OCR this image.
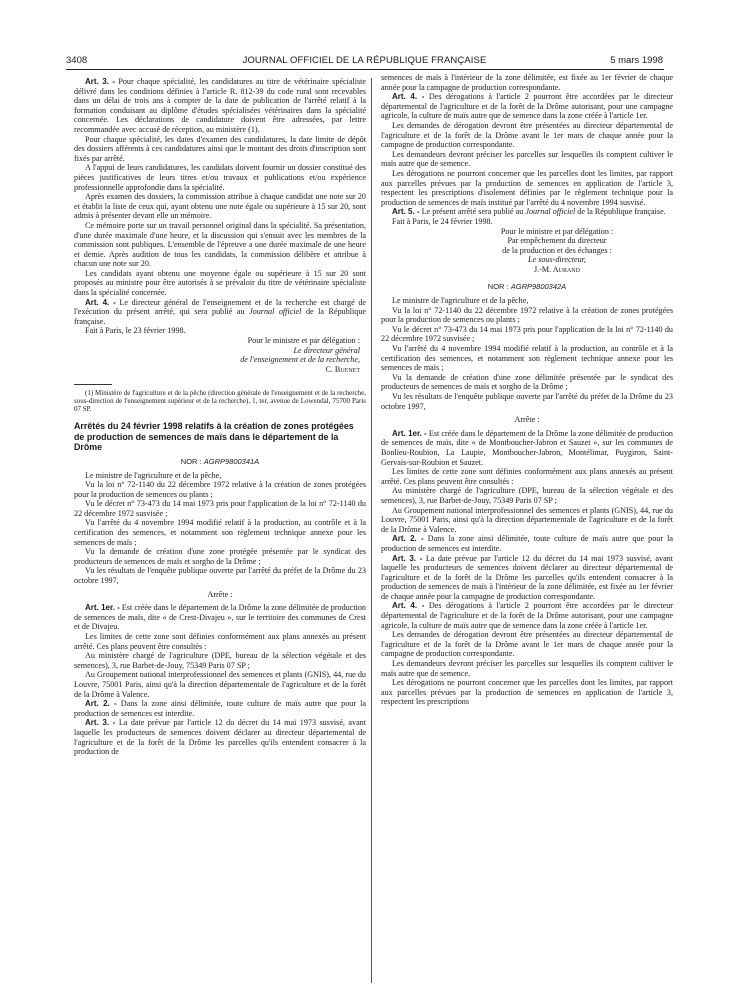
3408	JOURNAL OFFICIEL DE LA RÉPUBLIQUE FRANÇAISE	5 mars 1998

Art. 3. - Pour chaque spécialité, les candidatures au titre de vétérinaire spécialiste délivré dans les conditions définies à l'article R. 812-39 du code rural sont recevables dans un délai de trois ans à compter de la date de publication de l'arrêté relatif à la formation conduisant au diplôme d'études spécialisées vétérinaires dans la spécialité concernée. Les déclarations de candidature doivent être adressées, par lettre recommandée avec accusé de réception, au ministère (1).

Pour chaque spécialité, les dates d'examen des candidatures, la date limite de dépôt des dossiers afférents à ces candidatures ainsi que le montant des droits d'inscription sont fixés par arrêté.

A l'appui de leurs candidatures, les candidats doivent fournir un dossier constitué des pièces justificatives de leurs titres et/ou travaux et publications et/ou expérience professionnelle approfondie dans la spécialité.

Après examen des dossiers, la commission attribue à chaque candidat une note sur 20 et établit la liste de ceux qui, ayant obtenu une note égale ou supérieure à 15 sur 20, sont admis à présenter devant elle un mémoire.

Ce mémoire porte sur un travail personnel original dans la spécialité. Sa présentation, d'une durée maximale d'une heure, et la discussion qui s'ensuit avec les membres de la commission sont publiques. L'ensemble de l'épreuve a une durée maximale de une heure et demie. Après audition de tous les candidats, la commission délibère et attribue à chacun une note sur 20.

Les candidats ayant obtenu une moyenne égale ou supérieure à 15 sur 20 sont proposés au ministre pour être autorisés à se prévaloir du titre de vétérinaire spécialiste dans la spécialité concernée.

Art. 4. - Le directeur général de l'enseignement et de la recherche est chargé de l'exécution du présent arrêté, qui sera publié au Journal officiel de la République française.

Fait à Paris, le 23 février 1998.

Pour le ministre et par délégation :

Le directeur général

de l'enseignement et de la recherche,

C. Buenet

(1) Ministère de l'agriculture et de la pêche (direction générale de l'enseignement et de la recherche, sous-direction de l'enseignement supérieur et de la recherche), 1, ter, avenue de Lowendal, 75700 Paris 07 SP.

Arrêtés du 24 février 1998 relatifs à la création de zones protégées de production de semences de maïs dans le département de la Drôme

NOR : AGRP9800341A

Le ministre de l'agriculture et de la pêche,

Vu la loi n° 72-1140 du 22 décembre 1972 relative à la création de zones protégées pour la production de semences ou plants ;

Vu le décret n° 73-473 du 14 mai 1973 pris pour l'application de la loi n° 72-1140 du 22 décembre 1972 susvisée ;

Vu l'arrêté du 4 novembre 1994 modifié relatif à la production, au contrôle et à la certification des semences, et notamment son règlement technique annexe pour les semences de maïs ;

Vu la demande de création d'une zone protégée présentée par le syndicat des producteurs de semences de maïs et sorgho de la Drôme ;

Vu les résultats de l'enquête publique ouverte par l'arrêté du préfet de la Drôme du 23 octobre 1997,

Arrête :

Art. 1er. - Est créée dans le département de la Drôme la zone délimitée de production de semences de maïs, dite « de Crest-Divajeu », sur le territoire des communes de Crest et de Divajeu.

Les limites de cette zone sont définies conformément aux plans annexés au présent arrêté. Ces plans peuvent être consultés :

Au ministère chargé de l'agriculture (DPE, bureau de la sélection végétale et des semences), 3, rue Barbet-de-Jouy, 75349 Paris 07 SP ;

Au Groupement national interprofessionnel des semences et plants (GNIS), 44, rue du Louvre, 75001 Paris, ainsi qu'à la direction départementale de l'agriculture et de la forêt de la Drôme à Valence.

Art. 2. - Dans la zone ainsi délimitée, toute culture de maïs autre que pour la production de semences est interdite.

Art. 3. - La date prévue par l'article 12 du décret du 14 mai 1973 susvisé, avant laquelle les producteurs de semences doivent déclarer au directeur départemental de l'agriculture et de la forêt de la Drôme les parcelles qu'ils entendent consacrer à la production de

semences de maïs à l'intérieur de la zone délimitée, est fixée au 1er février de chaque année pour la campagne de production correspondante.

Art. 4. - Des dérogations à l'article 2 pourront être accordées par le directeur départemental de l'agriculture et de la forêt de la Drôme autorisant, pour une campagne agricole, la culture de maïs autre que de semence dans la zone créée à l'article 1er.

Les demandes de dérogation devront être présentées au directeur départemental de l'agriculture et de la forêt de la Drôme avant le 1er mars de chaque année pour la campagne de production correspondante.

Les demandeurs devront préciser les parcelles sur lesquelles ils comptent cultiver le maïs autre que de semence.

Les dérogations ne pourront concerner que les parcelles dont les limites, par rapport aux parcelles prévues par la production de semences en application de l'article 3, respectent les prescriptions d'isolement définies par le règlement technique pour la production de semences de maïs institué par l'arrêté du 4 novembre 1994 susvisé.

Art. 5. - Le présent arrêté sera publié au Journal officiel de la République française.

Fait à Paris, le 24 février 1998.

Pour le ministre et par délégation :

Par empêchement du directeur

de la production et des échanges :

Le sous-directeur,

J.-M. Aurand

NOR : AGRP9800342A

Le ministre de l'agriculture et de la pêche,

Vu la loi n° 72-1140 du 22 décembre 1972 relative à la création de zones protégées pour la production de semences ou plants ;

Vu le décret n° 73-473 du 14 mai 1973 pris pour l'application de la loi n° 72-1140 du 22 décembre 1972 susvisée ;

Vu l'arrêté du 4 novembre 1994 modifié relatif à la production, au contrôle et à la certification des semences, et notamment son règlement technique annexe pour les semences de maïs ;

Vu la demande de création d'une zone délimitée présentée par le syndicat des producteurs de semences de maïs et sorgho de la Drôme ;

Vu les résultats de l'enquête publique ouverte par l'arrêté du préfet de la Drôme du 23 octobre 1997,

Arrête :

Art. 1er. - Est créée dans le département de la Drôme la zone délimitée de production de semences de maïs, dite « de Montboucher-Jabron et Sauzet », sur les communes de Bonlieu-Roubion, La Laupie, Montboucher-Jabron, Montélimar, Puygiron, Saint-Gervais-sur-Roubion et Sauzet.

Les limites de cette zone sont définies conformément aux plans annexés au présent arrêté. Ces plans peuvent être consultés :

Au ministère chargé de l'agriculture (DPE, bureau de la sélection végétale et des semences), 3, rue Barbet-de-Jouy, 75349 Paris 07 SP ;

Au Groupement national interprofessionnel des semences et plants (GNIS), 44, rue du Louvre, 75001 Paris, ainsi qu'à la direction départementale de l'agriculture et de la forêt de la Drôme à Valence.

Art. 2. - Dans la zone ainsi délimitée, toute culture de maïs autre que pour la production de semences est interdite.

Art. 3. - La date prévue par l'article 12 du décret du 14 mai 1973 susvisé, avant laquelle les producteurs de semences doivent déclarer au directeur départemental de l'agriculture et de la forêt de la Drôme les parcelles qu'ils entendent consacrer à la production de semences de maïs à l'intérieur de la zone délimitée, est fixée au 1er février de chaque année pour la campagne de production correspondante.

Art. 4. - Des dérogations à l'article 2 pourront être accordées par le directeur départemental de l'agriculture et de la forêt de la Drôme autorisant, pour une campagne agricole, la culture de maïs autre que de semence dans la zone créée à l'article 1er.

Les demandes de dérogation devront être présentées au directeur départemental de l'agriculture et de la forêt de la Drôme avant le 1er mars de chaque année pour la campagne de production correspondante.

Les demandeurs devront préciser les parcelles sur lesquelles ils comptent cultiver le maïs autre que de semence.

Les dérogations ne pourront concerner que les parcelles dont les limites, par rapport aux parcelles prévues par la production de semences en application de l'article 3, respectent les prescriptions
